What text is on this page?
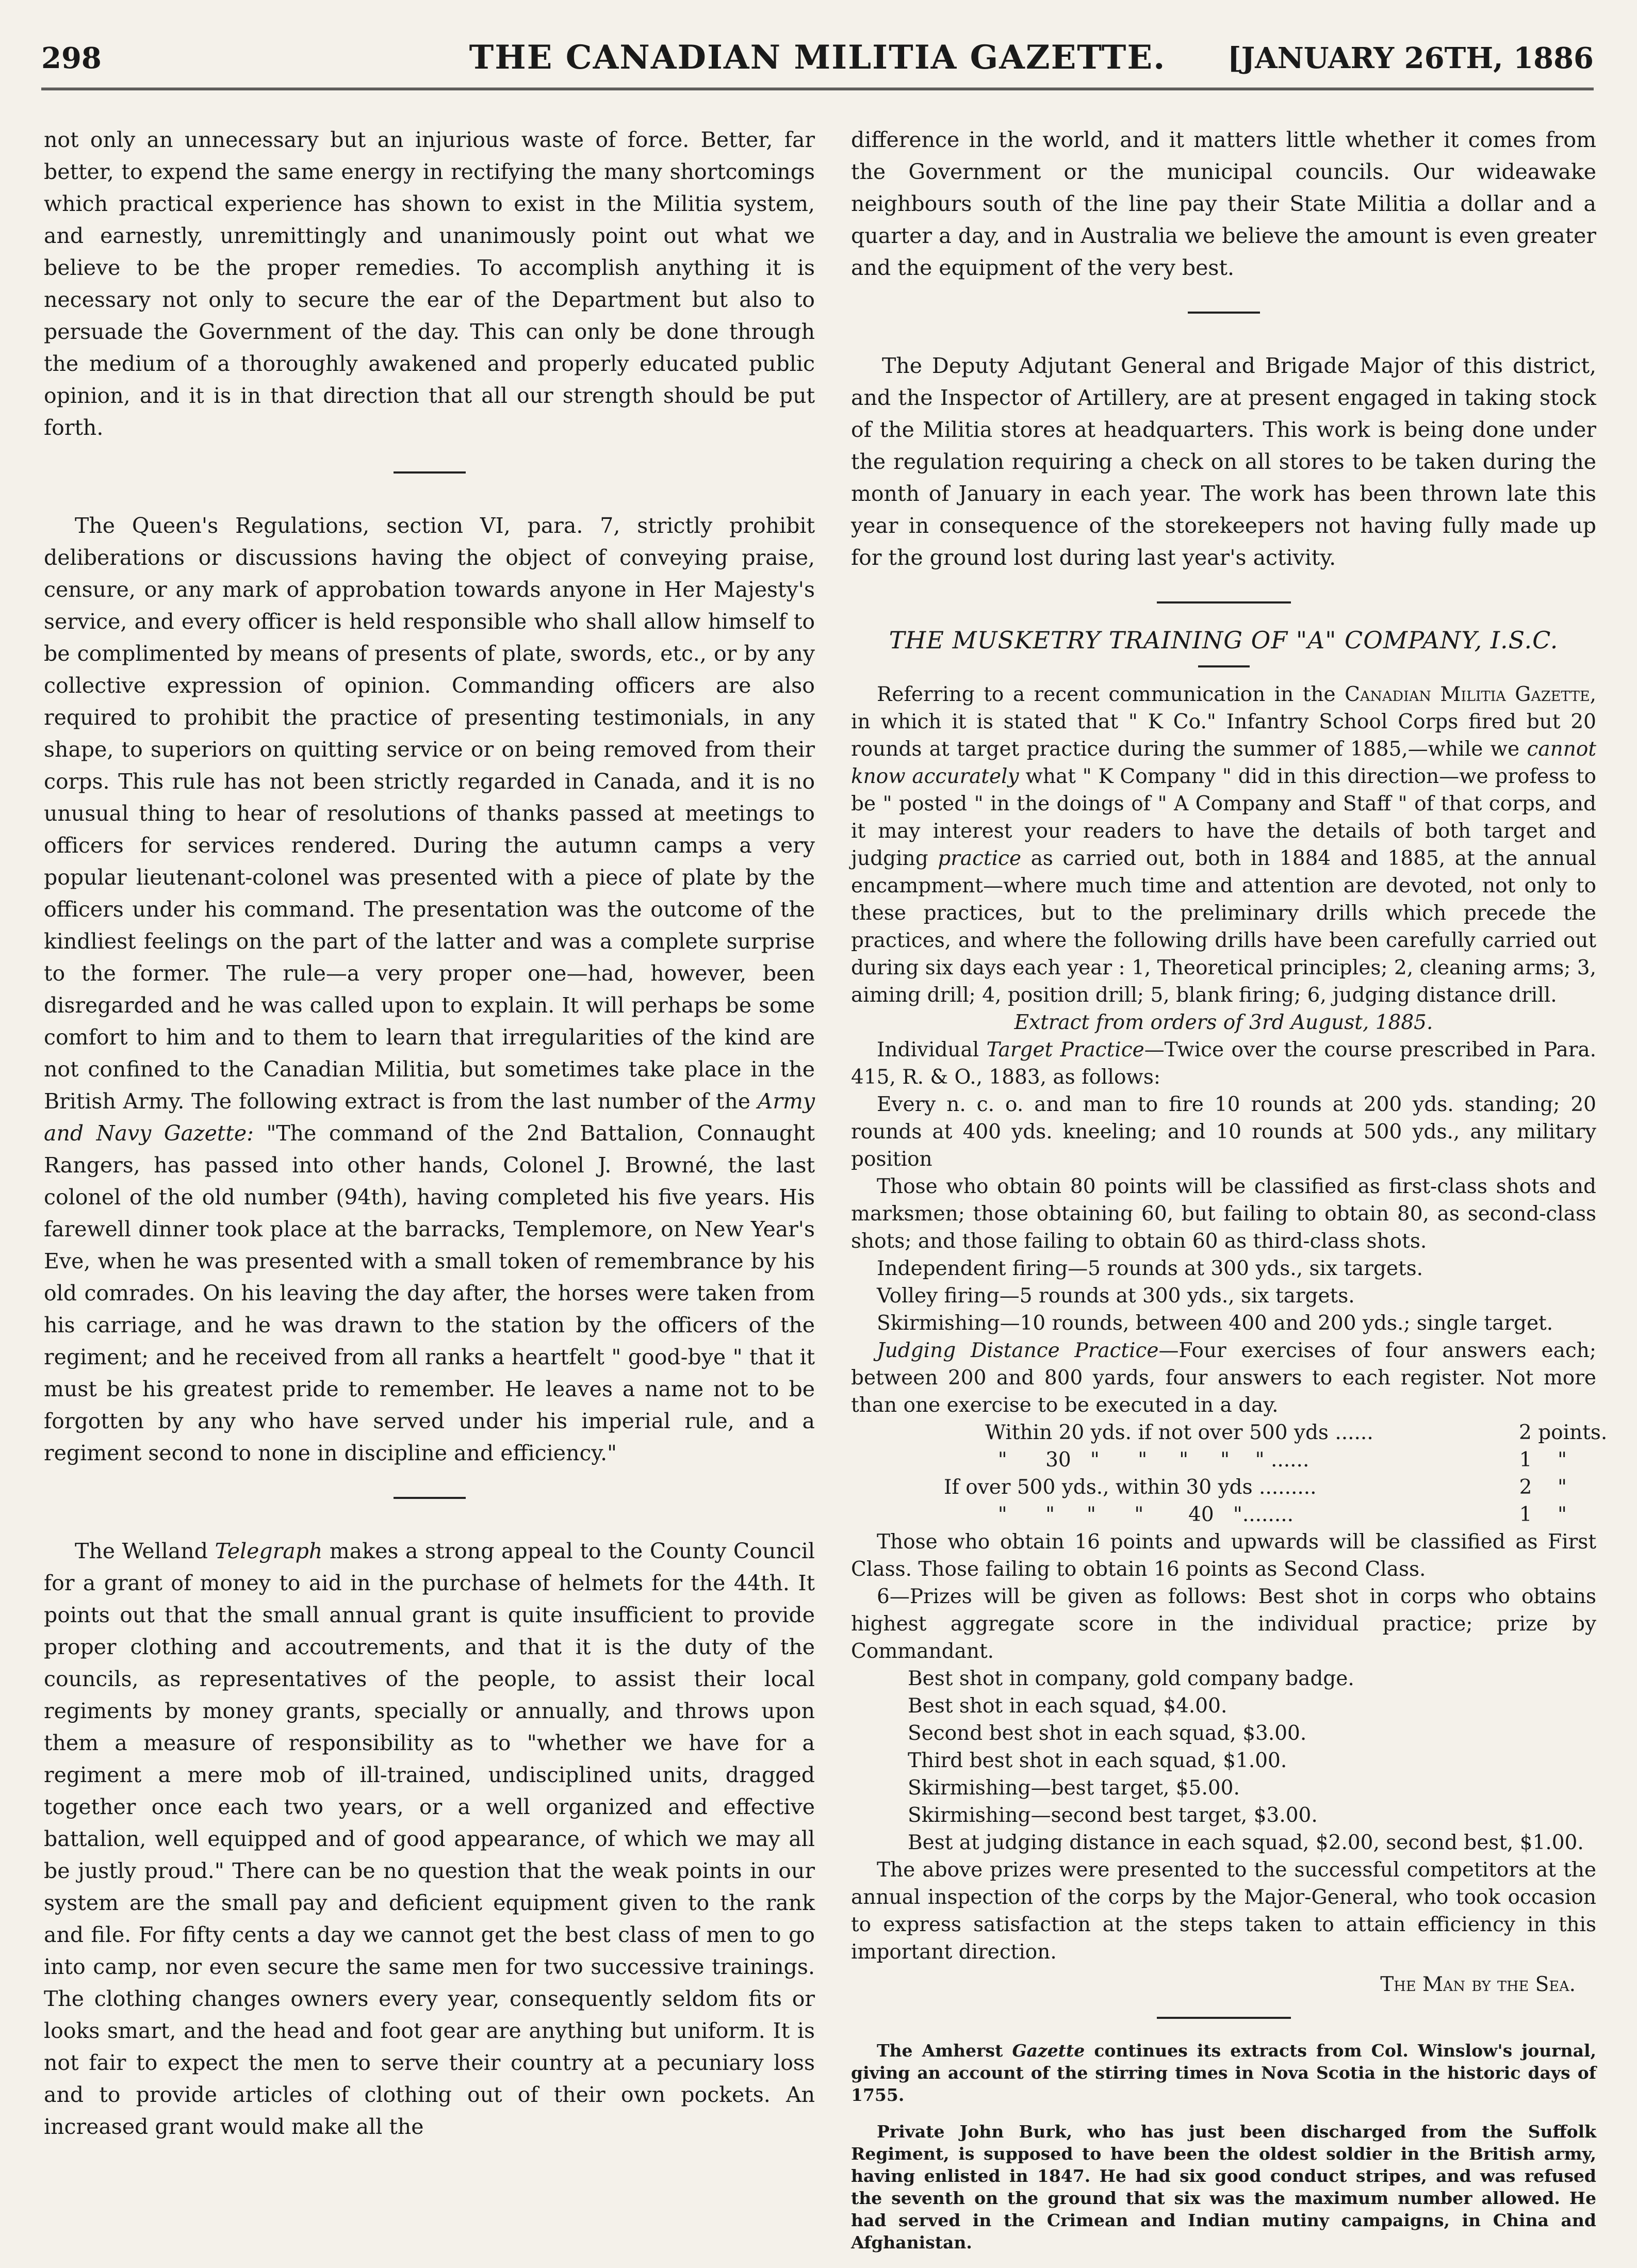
298	THE CANADIAN MILITIA GAZETTE.	[JANUARY 26TH, 1886

not only an unnecessary but an injurious waste of force. Better, far better, to expend the same energy in rectifying the many shortcomings which practical experience has shown to exist in the Militia system, and earnestly, unremittingly and unanimously point out what we believe to be the proper remedies. To accomplish anything it is necessary not only to secure the ear of the Department but also to persuade the Government of the day. This can only be done through the medium of a thoroughly awakened and properly educated public opinion, and it is in that direction that all our strength should be put forth.

The Queen's Regulations, section VI, para. 7, strictly prohibit deliberations or discussions having the object of conveying praise, censure, or any mark of approbation towards anyone in Her Majesty's service, and every officer is held responsible who shall allow himself to be complimented by means of presents of plate, swords, etc., or by any collective expression of opinion. Commanding officers are also required to prohibit the practice of presenting testimonials, in any shape, to superiors on quitting service or on being removed from their corps. This rule has not been strictly regarded in Canada, and it is no unusual thing to hear of resolutions of thanks passed at meetings to officers for services rendered. During the autumn camps a very popular lieutenant-colonel was presented with a piece of plate by the officers under his command. The presentation was the outcome of the kindliest feelings on the part of the latter and was a complete surprise to the former. The rule—a very proper one—had, however, been disregarded and he was called upon to explain. It will perhaps be some comfort to him and to them to learn that irregularities of the kind are not confined to the Canadian Militia, but sometimes take place in the British Army. The following extract is from the last number of the Army and Navy Gazette: "The command of the 2nd Battalion, Connaught Rangers, has passed into other hands, Colonel J. Browné, the last colonel of the old number (94th), having completed his five years. His farewell dinner took place at the barracks, Templemore, on New Year's Eve, when he was presented with a small token of remembrance by his old comrades. On his leaving the day after, the horses were taken from his carriage, and he was drawn to the station by the officers of the regiment; and he received from all ranks a heartfelt " good-bye " that it must be his greatest pride to remember. He leaves a name not to be forgotten by any who have served under his imperial rule, and a regiment second to none in discipline and efficiency."

The Welland Telegraph makes a strong appeal to the County Council for a grant of money to aid in the purchase of helmets for the 44th. It points out that the small annual grant is quite insufficient to provide proper clothing and accoutrements, and that it is the duty of the councils, as representatives of the people, to assist their local regiments by money grants, specially or annually, and throws upon them a measure of responsibility as to "whether we have for a regiment a mere mob of ill-trained, undisciplined units, dragged together once each two years, or a well organized and effective battalion, well equipped and of good appearance, of which we may all be justly proud." There can be no question that the weak points in our system are the small pay and deficient equipment given to the rank and file. For fifty cents a day we cannot get the best class of men to go into camp, nor even secure the same men for two successive trainings. The clothing changes owners every year, consequently seldom fits or looks smart, and the head and foot gear are anything but uniform. It is not fair to expect the men to serve their country at a pecuniary loss and to provide articles of clothing out of their own pockets. An increased grant would make all the

difference in the world, and it matters little whether it comes from the Government or the municipal councils. Our wideawake neighbours south of the line pay their State Militia a dollar and a quarter a day, and in Australia we believe the amount is even greater and the equipment of the very best.

The Deputy Adjutant General and Brigade Major of this district, and the Inspector of Artillery, are at present engaged in taking stock of the Militia stores at headquarters. This work is being done under the regulation requiring a check on all stores to be taken during the month of January in each year. The work has been thrown late this year in consequence of the storekeepers not having fully made up for the ground lost during last year's activity.

THE MUSKETRY TRAINING OF "A" COMPANY, I.S.C.

Referring to a recent communication in the Canadian Militia Gazette, in which it is stated that " K Co." Infantry School Corps fired but 20 rounds at target practice during the summer of 1885,—while we cannot know accurately what " K Company " did in this direction—we profess to be " posted " in the doings of " A Company and Staff " of that corps, and it may interest your readers to have the details of both target and judging practice as carried out, both in 1884 and 1885, at the annual encampment—where much time and attention are devoted, not only to these practices, but to the preliminary drills which precede the practices, and where the following drills have been carefully carried out during six days each year : 1, Theoretical principles; 2, cleaning arms; 3, aiming drill; 4, position drill; 5, blank firing; 6, judging distance drill.

Extract from orders of 3rd August, 1885.

Individual Target Practice—Twice over the course prescribed in Para. 415, R. & O., 1883, as follows:

Every n. c. o. and man to fire 10 rounds at 200 yds. standing; 20 rounds at 400 yds. kneeling; and 10 rounds at 500 yds., any military position

Those who obtain 80 points will be classified as first-class shots and marksmen; those obtaining 60, but failing to obtain 80, as second-class shots; and those failing to obtain 60 as third-class shots.

Independent firing—5 rounds at 300 yds., six targets.

Volley firing—5 rounds at 300 yds., six targets.

Skirmishing—10 rounds, between 400 and 200 yds.; single target.

Judging Distance Practice—Four exercises of four answers each; between 200 and 800 yards, four answers to each register. Not more than one exercise to be executed in a day.

Within 20 yds. if not over 500 yds ......	2 points.
"      30   "      "     "     "    " ......	1    "
If over 500 yds., within 30 yds .........	2    "
"      "     "      "       40   "........	1    "

Those who obtain 16 points and upwards will be classified as First Class. Those failing to obtain 16 points as Second Class.

6—Prizes will be given as follows: Best shot in corps who obtains highest aggregate score in the individual practice; prize by Commandant.

Best shot in company, gold company badge.
Best shot in each squad, $4.00.
Second best shot in each squad, $3.00.
Third best shot in each squad, $1.00.
Skirmishing—best target, $5.00.
Skirmishing—second best target, $3.00.
Best at judging distance in each squad, $2.00, second best, $1.00.

The above prizes were presented to the successful competitors at the annual inspection of the corps by the Major-General, who took occasion to express satisfaction at the steps taken to attain efficiency in this important direction.

The Man by the Sea.

The Amherst Gazette continues its extracts from Col. Winslow's journal, giving an account of the stirring times in Nova Scotia in the historic days of 1755.

Private John Burk, who has just been discharged from the Suffolk Regiment, is supposed to have been the oldest soldier in the British army, having enlisted in 1847. He had six good conduct stripes, and was refused the seventh on the ground that six was the maximum number allowed. He had served in the Crimean and Indian mutiny campaigns, in China and Afghanistan.
